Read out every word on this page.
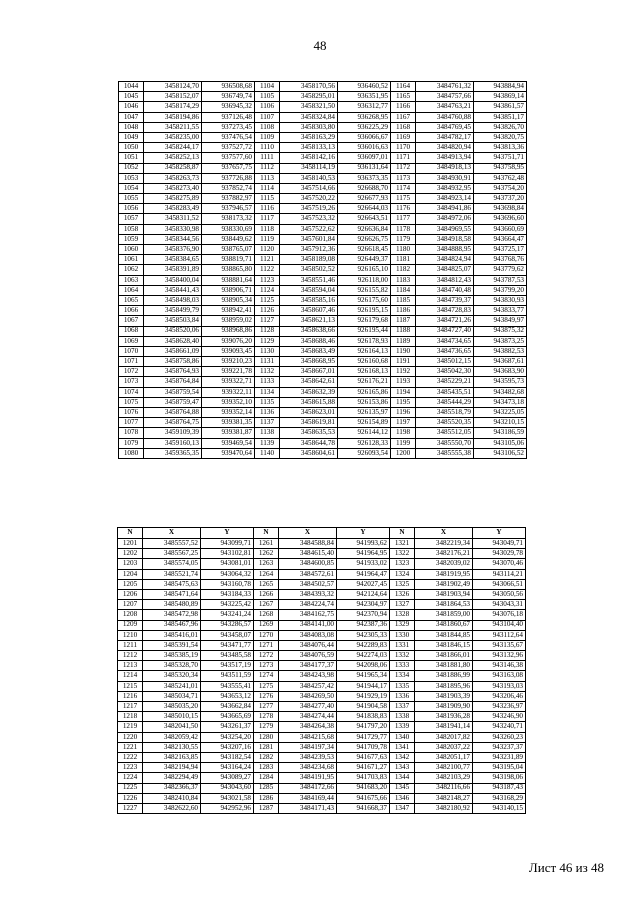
48
1044	3458124,70	936508,68	1104	3458170,56	936460,52	1164	3484761,32	943884,94
1045	3458152,07	936749,74	1105	3458295,01	936351,95	1165	3484757,66	943869,14
1046	3458174,29	936945,32	1106	3458321,50	936312,77	1166	3484763,21	943861,57
1047	3458194,86	937126,48	1107	3458324,84	936268,95	1167	3484760,88	943851,17
1048	3458211,55	937273,45	1108	3458303,80	936225,29	1168	3484769,45	943826,70
1049	3458235,00	937476,54	1109	3458163,29	936066,67	1169	3484782,17	943820,75
1050	3458244,17	937527,72	1110	3458133,13	936016,63	1170	3484820,94	943813,36
1051	3458252,13	937577,60	1111	3458142,16	936097,01	1171	3484913,94	943751,71
1052	3458258,87	937657,75	1112	3458114,19	936131,64	1172	3484918,13	943758,95
1053	3458263,73	937726,88	1113	3458140,53	936373,35	1173	3484930,91	943762,48
1054	3458273,40	937852,74	1114	3457514,66	926688,70	1174	3484932,95	943754,20
1055	3458275,89	937882,97	1115	3457520,22	926677,93	1175	3484923,14	943737,20
1056	3458283,49	937946,57	1116	3457519,26	926644,03	1176	3484941,86	943698,84
1057	3458311,52	938173,32	1117	3457523,32	926643,51	1177	3484972,06	943696,60
1058	3458330,98	938330,69	1118	3457522,62	926636,84	1178	3484969,55	943660,69
1059	3458344,56	938449,62	1119	3457601,84	926626,75	1179	3484918,58	943664,47
1060	3458376,90	938765,07	1120	3457912,36	926618,45	1180	3484888,95	943725,17
1061	3458384,65	938819,71	1121	3458189,08	926449,37	1181	3484824,94	943768,76
1062	3458391,89	938865,80	1122	3458502,52	926165,10	1182	3484825,07	943779,62
1063	3458400,04	938881,64	1123	3458551,46	926118,00	1183	3484812,43	943787,53
1064	3458441,43	938906,71	1124	3458594,04	926155,82	1184	3484740,48	943799,20
1065	3458498,03	938905,34	1125	3458585,16	926175,60	1185	3484739,37	943830,93
1066	3458499,79	938942,41	1126	3458607,46	926195,15	1186	3484728,83	943833,77
1067	3458503,84	938959,02	1127	3458621,13	926179,68	1187	3484721,26	943849,97
1068	3458520,06	938968,86	1128	3458638,66	926195,44	1188	3484727,40	943875,32
1069	3458628,40	939076,20	1129	3458688,46	926178,93	1189	3484734,65	943873,25
1070	3458661,09	939093,45	1130	3458683,49	926164,13	1190	3484736,65	943882,53
1071	3458758,86	939210,23	1131	3458668,95	926160,68	1191	3485012,15	943687,61
1072	3458764,93	939221,78	1132	3458667,01	926168,13	1192	3485042,30	943683,90
1073	3458764,84	939322,71	1133	3458642,61	926176,21	1193	3485229,21	943595,73
1074	3458759,54	939322,11	1134	3458632,39	926165,86	1194	3485435,51	943482,68
1075	3458759,47	939352,10	1135	3458615,88	926153,86	1195	3485444,29	943473,18
1076	3458764,88	939352,14	1136	3458623,01	926135,97	1196	3485518,79	943225,05
1077	3458764,75	939381,35	1137	3458619,81	926154,89	1197	3485520,35	943210,15
1078	3459109,39	939381,87	1138	3458635,53	926144,12	1198	3485512,05	943186,59
1079	3459160,13	939469,54	1139	3458644,78	926128,33	1199	3485550,70	943105,06
1080	3459365,35	939470,64	1140	3458604,61	926093,54	1200	3485555,38	943106,52
N	X	Y	N	X	Y	N	X	Y
1201	3485557,52	943099,71	1261	3484588,84	941993,62	1321	3482219,34	943049,71
1202	3485567,25	943102,81	1262	3484615,40	941964,95	1322	3482176,21	943029,78
1203	3485574,05	943081,01	1263	3484600,85	941933,02	1323	3482039,02	943070,46
1204	3485521,74	943064,32	1264	3484572,61	941964,47	1324	3481919,95	943114,21
1205	3485475,63	943160,78	1265	3484502,57	942027,45	1325	3481902,49	943066,51
1206	3485471,64	943184,33	1266	3484393,32	942124,64	1326	3481903,94	943050,56
1207	3485480,89	943225,42	1267	3484224,74	942304,97	1327	3481864,53	943043,31
1208	3485472,98	943241,24	1268	3484162,75	942370,94	1328	3481859,00	943076,18
1209	3485467,96	943286,57	1269	3484141,00	942387,36	1329	3481860,67	943104,40
1210	3485416,01	943458,07	1270	3484083,08	942305,33	1330	3481844,85	943112,64
1211	3485391,54	943471,77	1271	3484076,44	942289,83	1331	3481846,15	943135,67
1212	3485385,19	943485,58	1272	3484076,59	942274,03	1332	3481866,01	943132,96
1213	3485328,70	943517,19	1273	3484177,37	942098,06	1333	3481881,80	943146,38
1214	3485320,34	943511,59	1274	3484243,98	941965,34	1334	3481886,99	943163,08
1215	3485241,01	943555,41	1275	3484257,42	941944,17	1335	3481895,96	943193,03
1216	3485034,71	943653,12	1276	3484269,50	941929,19	1336	3481903,39	943206,46
1217	3485035,20	943662,84	1277	3484277,40	941904,58	1337	3481909,90	943236,97
1218	3485010,15	943665,69	1278	3484274,44	941838,83	1338	3481936,28	943246,90
1219	3482041,50	943261,37	1279	3484264,38	941797,20	1339	3481941,14	943240,71
1220	3482059,42	943254,20	1280	3484215,68	941729,77	1340	3482017,82	943260,23
1221	3482130,55	943207,16	1281	3484197,34	941709,78	1341	3482037,22	943237,37
1222	3482163,85	943182,54	1282	3484239,53	941677,63	1342	3482051,17	943231,89
1223	3482194,94	943164,24	1283	3484234,68	941671,27	1343	3482100,77	943195,04
1224	3482294,49	943089,27	1284	3484191,95	941703,83	1344	3482103,29	943198,06
1225	3482366,37	943043,60	1285	3484172,66	941683,20	1345	3482116,66	943187,43
1226	3482410,84	943021,58	1286	3484169,44	941675,66	1346	3482148,27	943168,29
1227	3482622,60	942952,96	1287	3484171,43	941668,37	1347	3482180,92	943140,15
Лист 46 из 48
